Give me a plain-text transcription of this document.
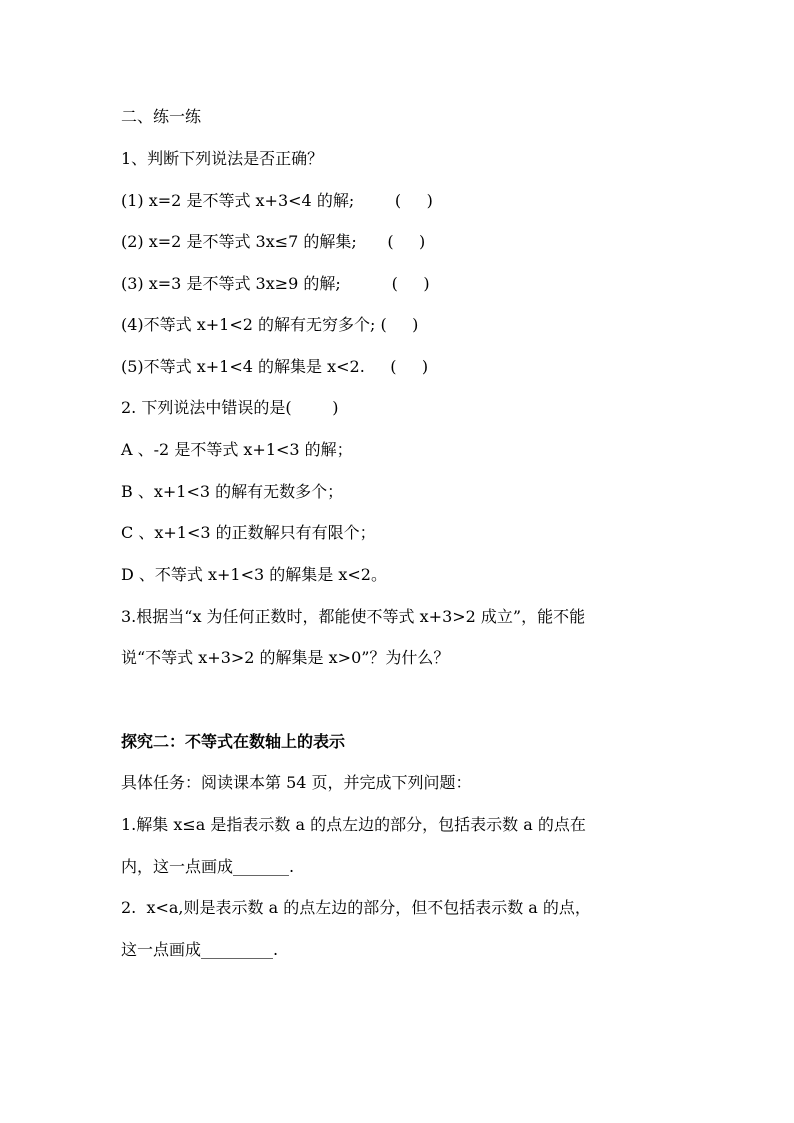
二、练一练
1、判断下列说法是否正确？
(1) x=2 是不等式 x+3<4 的解;        (     )
(2) x=2 是不等式 3x≤7 的解集;      (     )
(3) x=3 是不等式 3x≥9 的解;          (     )
(4)不等式 x+1<2 的解有无穷多个; (     )
(5)不等式 x+1<4 的解集是 x<2.     (     )
2. 下列说法中错误的是(        )
A 、-2 是不等式 x+1<3 的解；
B 、x+1<3 的解有无数多个；
C 、x+1<3 的正数解只有有限个；
D 、不等式 x+1<3 的解集是 x<2。
3.根据当“x 为任何正数时，都能使不等式 x+3>2 成立”，能不能
说“不等式 x+3>2 的解集是 x>0”？为什么？
探究二：不等式在数轴上的表示
具体任务：阅读课本第 54 页，并完成下列问题：
1.解集 x≤a 是指表示数 a 的点左边的部分，包括表示数 a 的点在
内，这一点画成_______.
2.  x<a,则是表示数 a 的点左边的部分，但不包括表示数 a 的点，
这一点画成_________.
